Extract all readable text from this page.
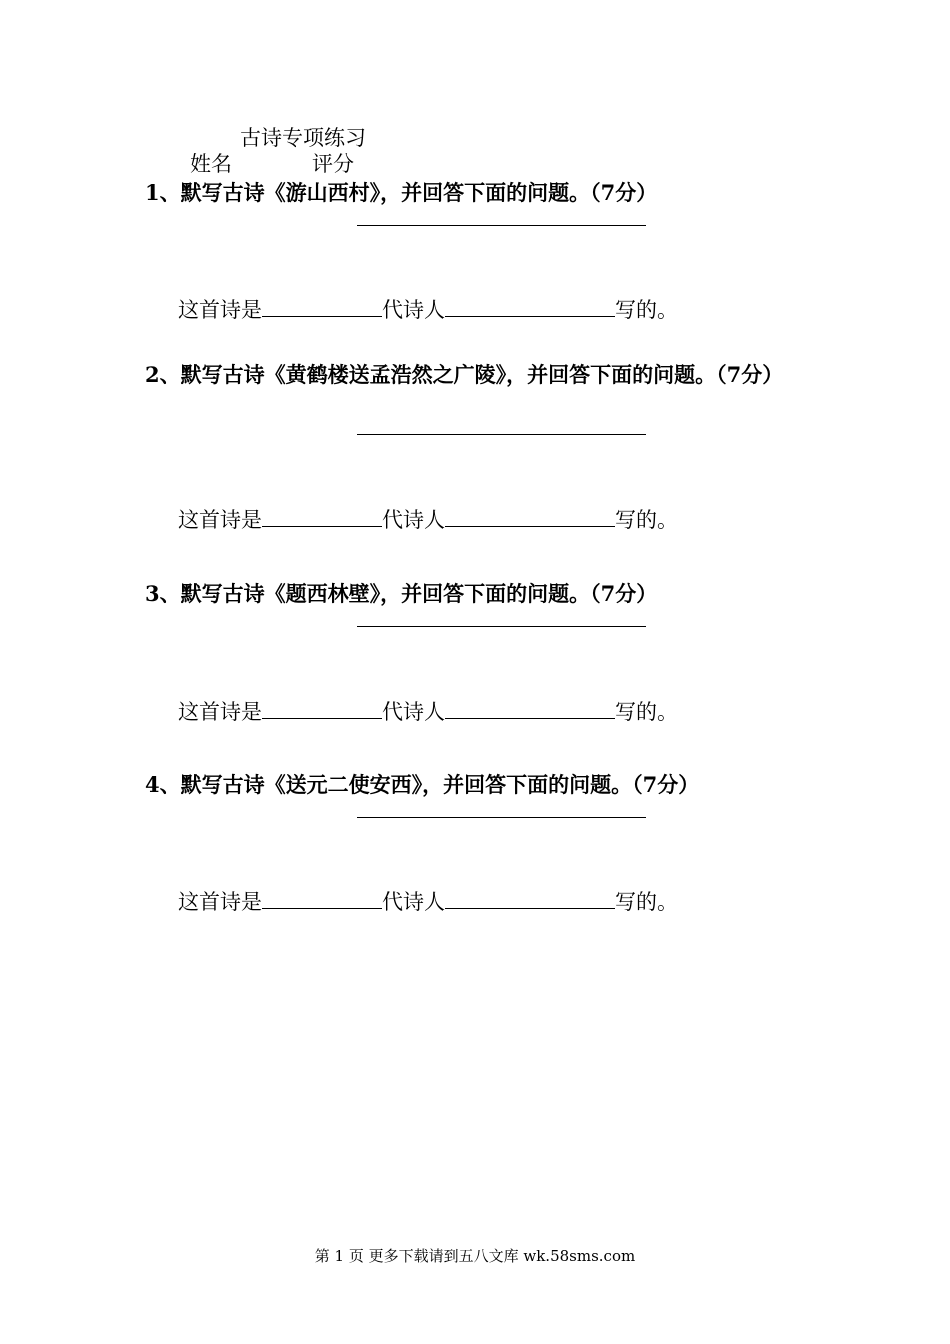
古诗专项练习
姓名	评分
1、默写古诗《游山西村》，并回答下面的问题。（7分）
这首诗是	代诗人	写的。
2、默写古诗《黄鹤楼送孟浩然之广陵》，并回答下面的问题。（7分）
这首诗是	代诗人	写的。
3、默写古诗《题西林壁》，并回答下面的问题。（7分）
这首诗是	代诗人	写的。
4、默写古诗《送元二使安西》，并回答下面的问题。（7分）
这首诗是	代诗人	写的。
第 1 页 更多下载请到五八文库 wk.58sms.com
